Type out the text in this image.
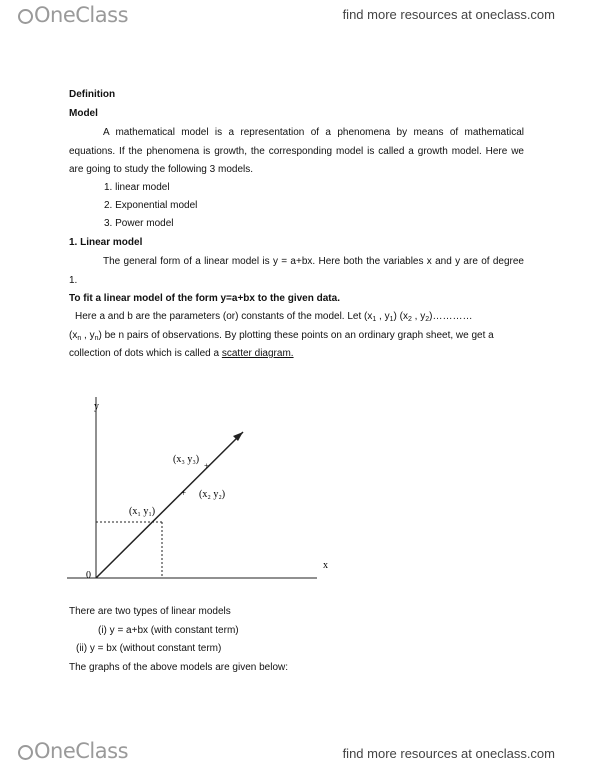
OneClass	find more resources at oneclass.com
Definition
Model
A mathematical model is a representation of a phenomena by means of mathematical equations. If the phenomena is growth, the corresponding model is called a growth model. Here we are going to study the following 3 models.
1. linear model
2. Exponential model
3. Power model
1. Linear model
The general form of a linear model is y = a+bx. Here both the variables x and y are of degree 1.
To fit a linear model of the form y=a+bx to the given data.
Here a and b are the parameters (or) constants of the model. Let ($x_1$ , $y_1$) ($x_2$ , $y_2)\dots\dots\dots\dots$
($x_n$ , $y_n$) be n pairs of observations. By plotting these points on an ordinary graph sheet, we get a collection of dots which is called a scatter diagram.
+
+
y
x
0
(x₁ y₁)
(x₂ y₂)
(x₃ y₃)
There are two types of linear models
(i) y = a+bx (with constant term)
(ii) y = bx (without constant term)
The graphs of the above models are given below:
OneClass	find more resources at oneclass.com
